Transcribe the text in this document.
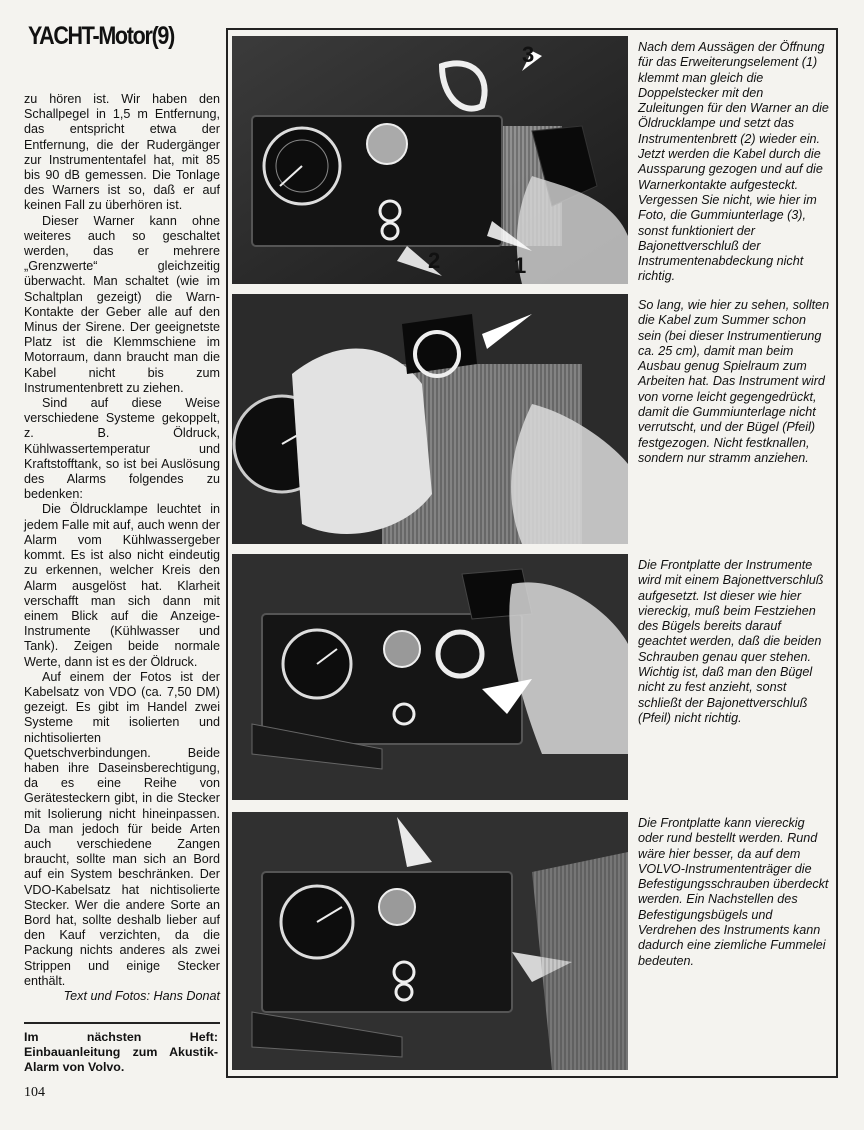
YACHT-Motor(9)

zu hören ist. Wir haben den Schallpegel in 1,5 m Entfernung, das entspricht etwa der Entfernung, die der Rudergänger zur Instrumententafel hat, mit 85 bis 90 dB gemessen. Die Tonlage des Warners ist so, daß er auf keinen Fall zu überhören ist.

Dieser Warner kann ohne weiteres auch so geschaltet werden, das er mehrere „Grenzwerte“ gleichzeitig überwacht. Man schaltet (wie im Schaltplan gezeigt) die Warn-Kontakte der Geber alle auf den Minus der Sirene. Der geeignetste Platz ist die Klemmschiene im Motorraum, dann braucht man die Kabel nicht bis zum Instrumentenbrett zu ziehen.

Sind auf diese Weise verschiedene Systeme gekoppelt, z. B. Öldruck, Kühlwassertemperatur und Kraftstofftank, so ist bei Auslösung des Alarms folgendes zu bedenken:

Die Öldrucklampe leuchtet in jedem Falle mit auf, auch wenn der Alarm vom Kühlwassergeber kommt. Es ist also nicht eindeutig zu erkennen, welcher Kreis den Alarm ausgelöst hat. Klarheit verschafft man sich dann mit einem Blick auf die Anzeige-Instrumente (Kühlwasser und Tank). Zeigen beide normale Werte, dann ist es der Öldruck.

Auf einem der Fotos ist der Kabelsatz von VDO (ca. 7,50 DM) gezeigt. Es gibt im Handel zwei Systeme mit isolierten und nichtisolierten Quetschverbindungen. Beide haben ihre Daseinsberechtigung, da es eine Reihe von Gerätesteckern gibt, in die Stecker mit Isolierung nicht hineinpassen. Da man jedoch für beide Arten auch verschiedene Zangen braucht, sollte man sich an Bord auf ein System beschränken. Der VDO-Kabelsatz hat nichtisolierte Stecker. Wer die andere Sorte an Bord hat, sollte deshalb lieber auf den Kauf verzichten, da die Packung nichts anderes als zwei Strippen und einige Stecker enthält.

Text und Fotos: Hans Donat

Im nächsten Heft: Einbauanleitung zum Akustik-Alarm von Volvo.
104
3
2	1
Nach dem Aussägen der Öffnung für das Erweiterungselement (1) klemmt man gleich die Doppelstecker mit den Zuleitungen für den Warner an die Öldrucklampe und setzt das Instrumentenbrett (2) wieder ein. Jetzt werden die Kabel durch die Aussparung gezogen und auf die Warnerkontakte aufgesteckt. Vergessen Sie nicht, wie hier im Foto, die Gummiunterlage (3), sonst funktioniert der Bajonettverschluß der Instrumentenabdeckung nicht richtig.
So lang, wie hier zu sehen, sollten die Kabel zum Summer schon sein (bei dieser Instrumentierung ca. 25 cm), damit man beim Ausbau genug Spielraum zum Arbeiten hat. Das Instrument wird von vorne leicht gegengedrückt, damit die Gummiunterlage nicht verrutscht, und der Bügel (Pfeil) festgezogen. Nicht festknallen, sondern nur stramm anziehen.
Die Frontplatte der Instrumente wird mit einem Bajonettverschluß aufgesetzt. Ist dieser wie hier viereckig, muß beim Festziehen des Bügels bereits darauf geachtet werden, daß die beiden Schrauben genau quer stehen. Wichtig ist, daß man den Bügel nicht zu fest anzieht, sonst schließt der Bajonettverschluß (Pfeil) nicht richtig.
Die Frontplatte kann viereckig oder rund bestellt werden. Rund wäre hier besser, da auf dem VOLVO-Instrumententräger die Befestigungsschrauben überdeckt werden. Ein Nachstellen des Befestigungsbügels und Verdrehen des Instruments kann dadurch eine ziemliche Fummelei bedeuten.
